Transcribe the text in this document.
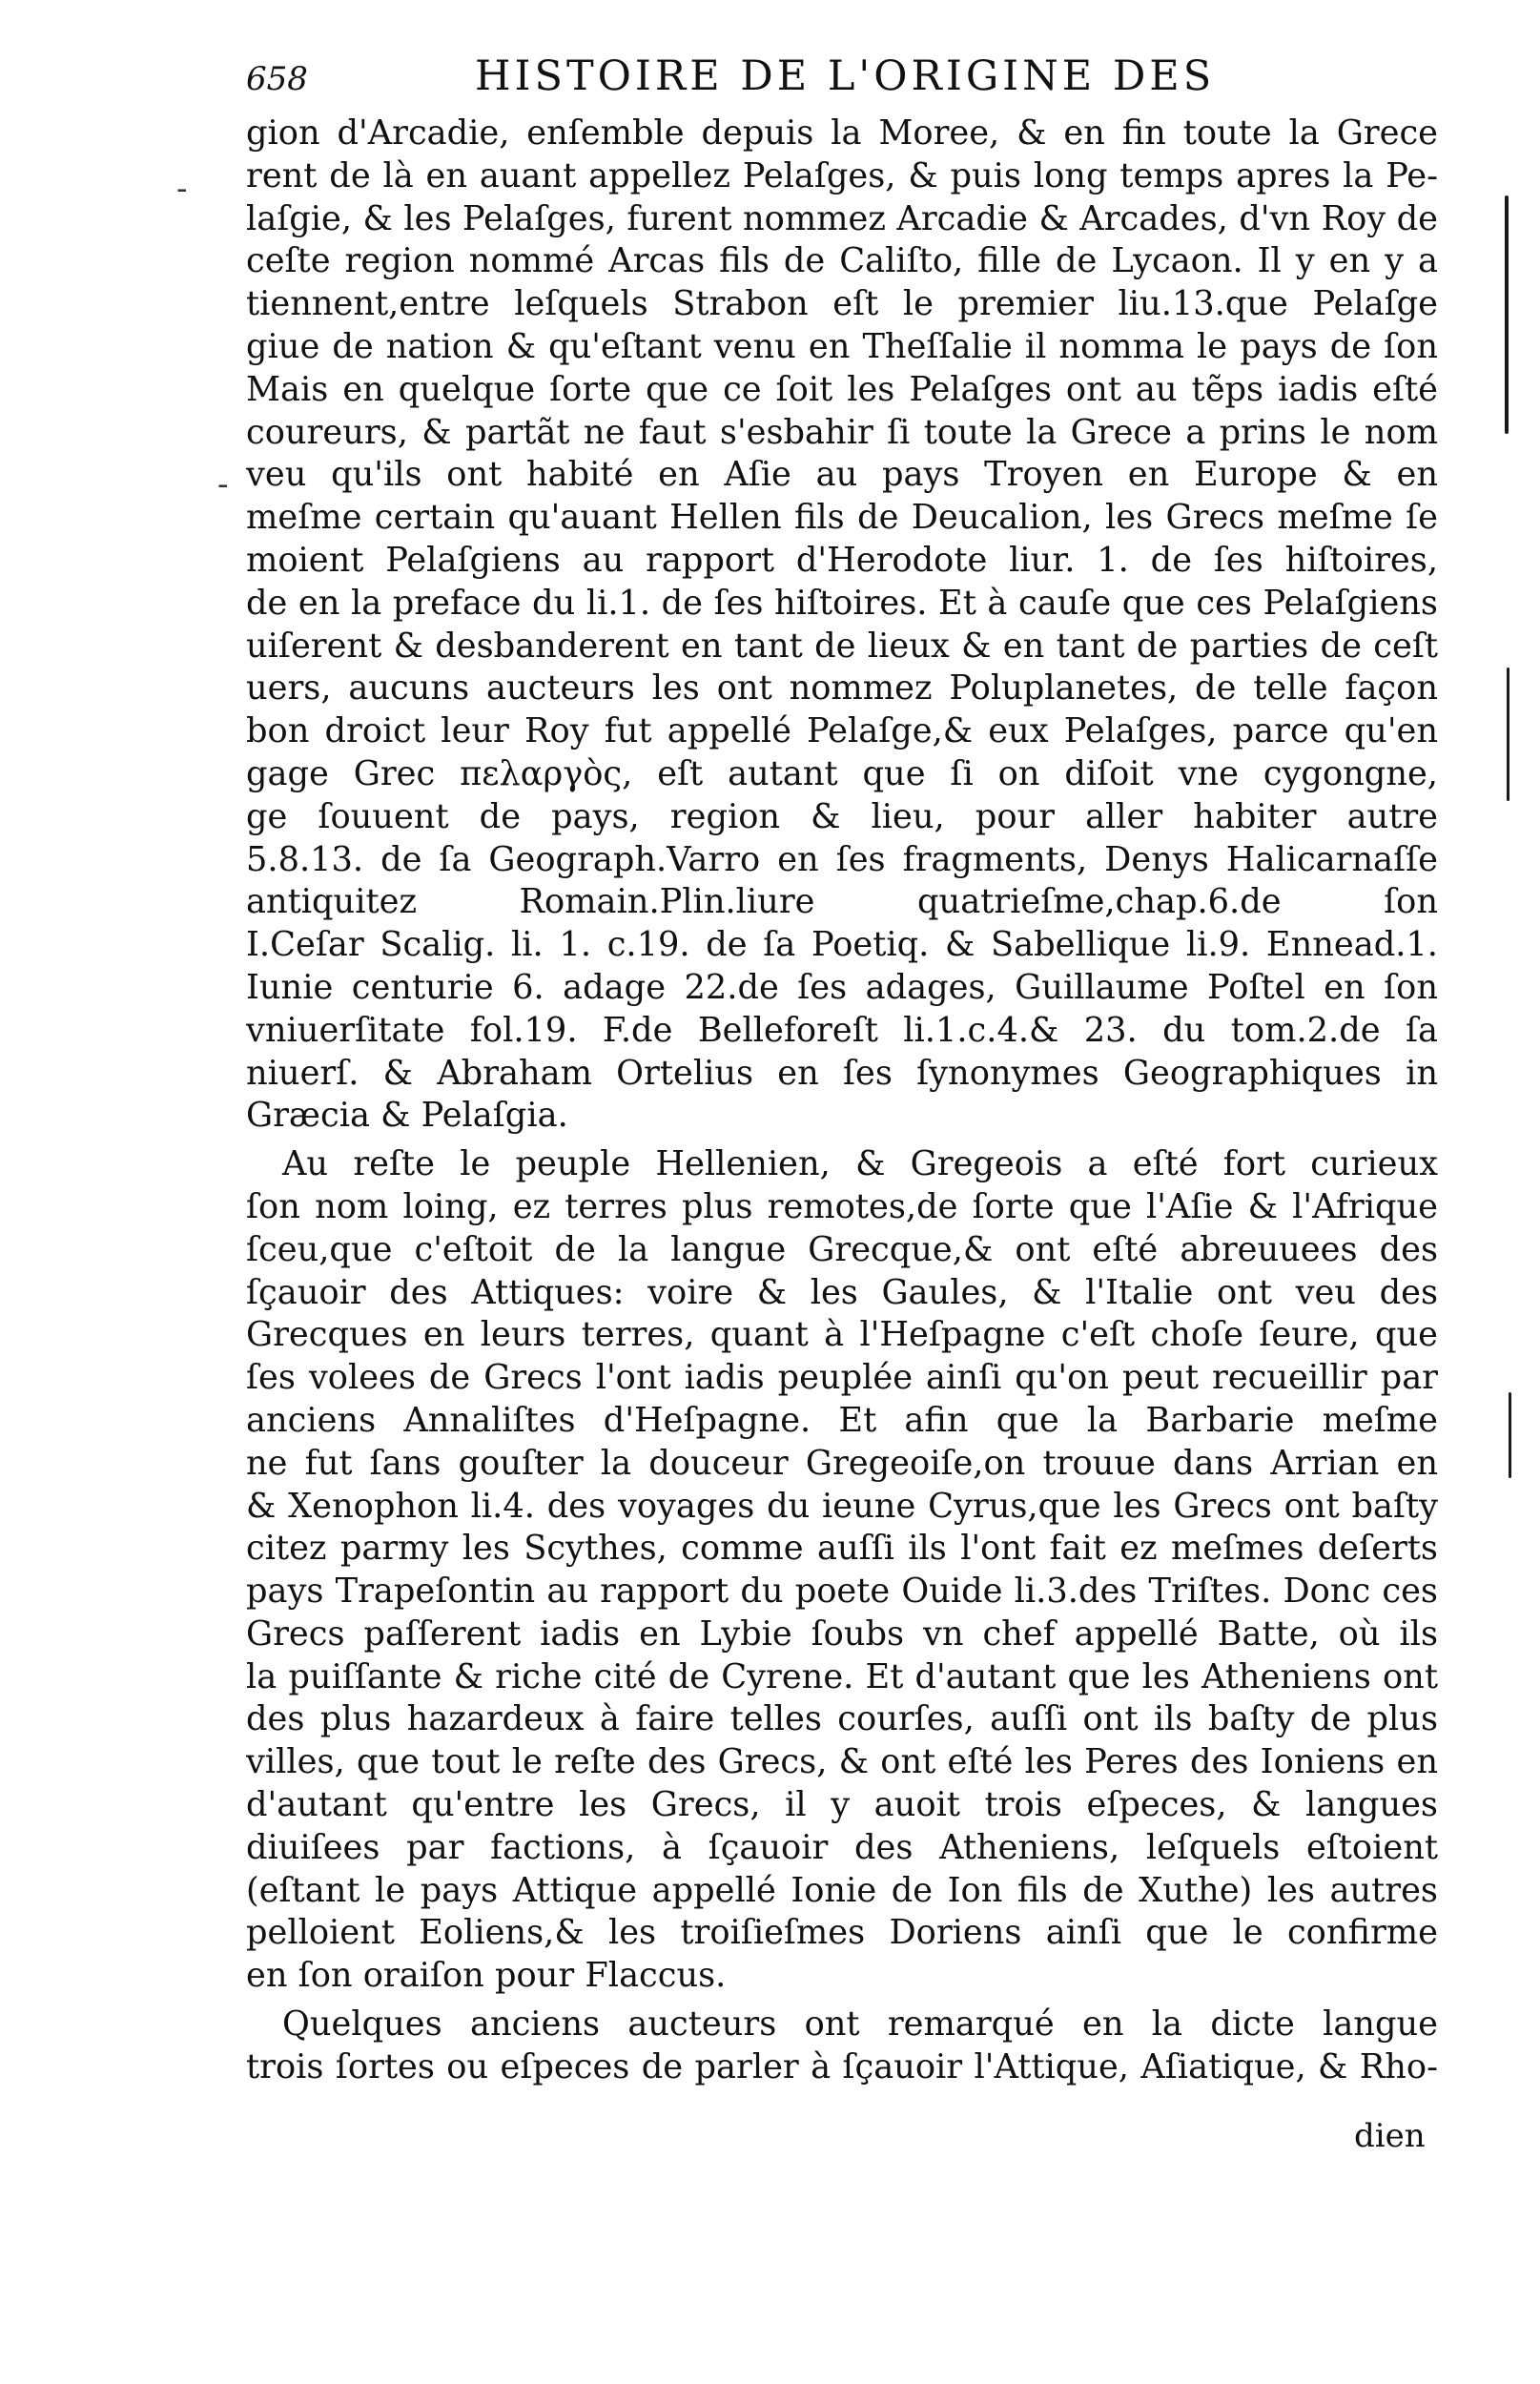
658	HISTOIRE DE L'ORIGINE DES
-
-
gion d'Arcadie, enſemble depuis la Moree, & en fin toute la Grece
rent de là en auant appellez Pelaſges, & puis long temps apres la Pe-
laſgie, & les Pelaſges, furent nommez Arcadie & Arcades, d'vn Roy de
ceſte region nommé Arcas fils de Caliſto, fille de Lycaon. Il y en y a
tiennent,entre leſquels Strabon eſt le premier liu.13.que Pelaſge
giue de nation & qu'eſtant venu en Theſſalie il nomma le pays de ſon
Mais en quelque ſorte que ce ſoit les Pelaſges ont au tẽps iadis eſté
coureurs, & partãt ne faut s'esbahir ſi toute la Grece a prins le nom
veu qu'ils ont habité en Aſie au pays Troyen en Europe & en
meſme certain qu'auant Hellen fils de Deucalion, les Grecs meſme ſe
moient Pelaſgiens au rapport d'Herodote liur. 1. de ſes hiſtoires,
de en la preface du li.1. de ſes hiſtoires. Et à cauſe que ces Pelaſgiens
uiſerent & desbanderent en tant de lieux & en tant de parties de ceſt
uers, aucuns aucteurs les ont nommez Poluplanetes, de telle façon
bon droict leur Roy fut appellé Pelaſge,& eux Pelaſges, parce qu'en
gage Grec πελαργὸς, eſt autant que ſi on diſoit vne cygongne,
ge ſouuent de pays, region & lieu, pour aller habiter autre
5.8.13. de ſa Geograph.Varro en ſes fragments, Denys Halicarnaſſe
antiquitez Romain.Plin.liure quatrieſme,chap.6.de ſon
I.Ceſar Scalig. li. 1. c.19. de ſa Poetiq. & Sabellique li.9. Ennead.1.
Iunie centurie 6. adage 22.de ſes adages, Guillaume Poſtel en ſon
vniuerſitate fol.19. F.de Belleforeſt li.1.c.4.& 23. du tom.2.de ſa
niuerſ. & Abraham Ortelius en ſes ſynonymes Geographiques in
Græcia & Pelaſgia.
Au reſte le peuple Hellenien, & Gregeois a eſté fort curieux
ſon nom loing, ez terres plus remotes,de ſorte que l'Aſie & l'Afrique
ſceu,que c'eſtoit de la langue Grecque,& ont eſté abreuuees des
ſçauoir des Attiques: voire & les Gaules, & l'Italie ont veu des
Grecques en leurs terres, quant à l'Heſpagne c'eſt choſe ſeure, que
ſes volees de Grecs l'ont iadis peuplée ainſi qu'on peut recueillir par
anciens Annaliſtes d'Heſpagne. Et afin que la Barbarie meſme
ne fut ſans gouſter la douceur Gregeoiſe,on trouue dans Arrian en
& Xenophon li.4. des voyages du ieune Cyrus,que les Grecs ont baſty
citez parmy les Scythes, comme auſſi ils l'ont fait ez meſmes deſerts
pays Trapeſontin au rapport du poete Ouide li.3.des Triſtes. Donc ces
Grecs paſſerent iadis en Lybie ſoubs vn chef appellé Batte, où ils
la puiſſante & riche cité de Cyrene. Et d'autant que les Atheniens ont
des plus hazardeux à faire telles courſes, auſſi ont ils baſty de plus
villes, que tout le reſte des Grecs, & ont eſté les Peres des Ioniens en
d'autant qu'entre les Grecs, il y auoit trois eſpeces, & langues
diuiſees par factions, à ſçauoir des Atheniens, leſquels eſtoient
(eſtant le pays Attique appellé Ionie de Ion fils de Xuthe) les autres
pelloient Eoliens,& les troiſieſmes Doriens ainſi que le confirme
en ſon oraiſon pour Flaccus.
Quelques anciens aucteurs ont remarqué en la dicte langue
trois ſortes ou eſpeces de parler à ſçauoir l'Attique, Aſiatique, & Rho-
dien
